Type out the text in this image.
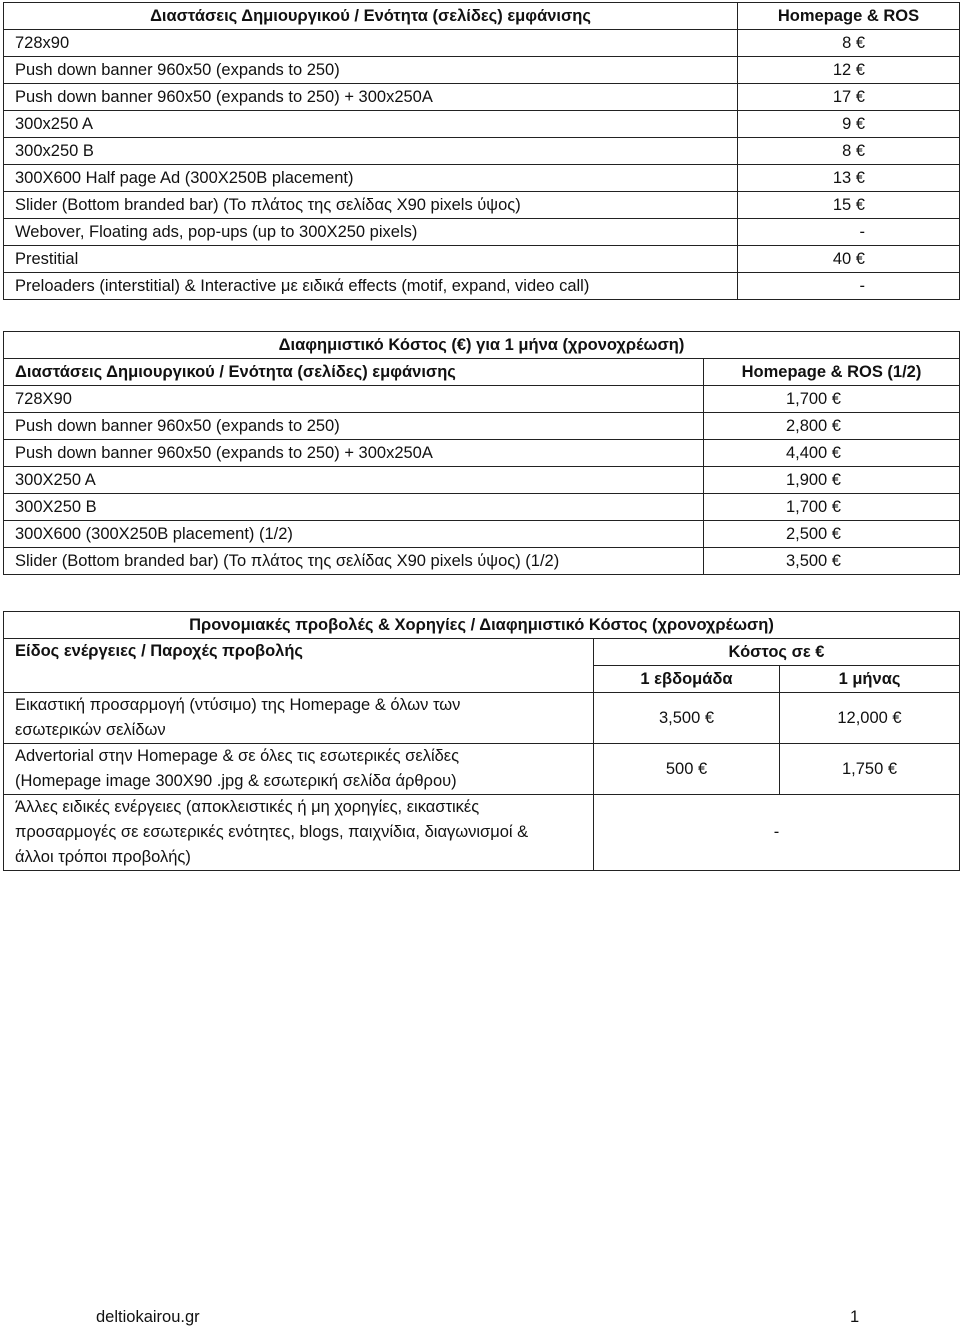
Διαστάσεις Δημιουργικού / Ενότητα (σελίδες) εμφάνισης	Homepage & ROS
728x90	8 €
Push down banner 960x50 (expands to 250)	12 €
Push down banner 960x50 (expands to 250) + 300x250A	17 €
300x250 A	9 €
300x250 B	8 €
300X600 Half page Ad (300X250B placement)	13 €
Slider (Bottom branded bar) (Το πλάτος της σελίδας X90 pixels ύψος)	15 €
Webover, Floating ads, pop-ups (up to 300X250 pixels)	-
Prestitial	40 €
Preloaders (interstitial) & Interactive με ειδικά effects (motif, expand, video call)	-
Διαφημιστικό Κόστος (€) για 1 μήνα (χρονοχρέωση)	
Διαστάσεις Δημιουργικού / Ενότητα (σελίδες) εμφάνισης	Homepage & ROS (1/2)
728X90	1,700 €
Push down banner 960x50 (expands to 250)	2,800 €
Push down banner 960x50 (expands to 250) + 300x250A	4,400 €
300X250 A	1,900 €
300X250 B	1,700 €
300X600 (300X250B placement) (1/2)	2,500 €
Slider (Bottom branded bar) (Το πλάτος της σελίδας X90 pixels ύψος) (1/2)	3,500 €
Προνομιακές προβολές & Χορηγίες / Διαφημιστικό Κόστος (χρονοχρέωση)		
Είδος ενέργειες / Παροχές προβολής	Κόστος σε €	
	1 εβδομάδα	1 μήνας
Εικαστική προσαρμογή (ντύσιμο) της Homepage & όλων των εσωτερικών σελίδων	3,500 €	12,000 €
Advertorial στην Homepage & σε όλες τις εσωτερικές σελίδες (Homepage image 300X90 .jpg & εσωτερική σελίδα άρθρου)	500 €	1,750 €
Άλλες ειδικές ενέργειες (αποκλειστικές ή μη χορηγίες, εικαστικές προσαρμογές σε εσωτερικές ενότητες, blogs, παιχνίδια, διαγωνισμοί & άλλοι τρόποι προβολής)	-	
deltiokairou.gr	1
